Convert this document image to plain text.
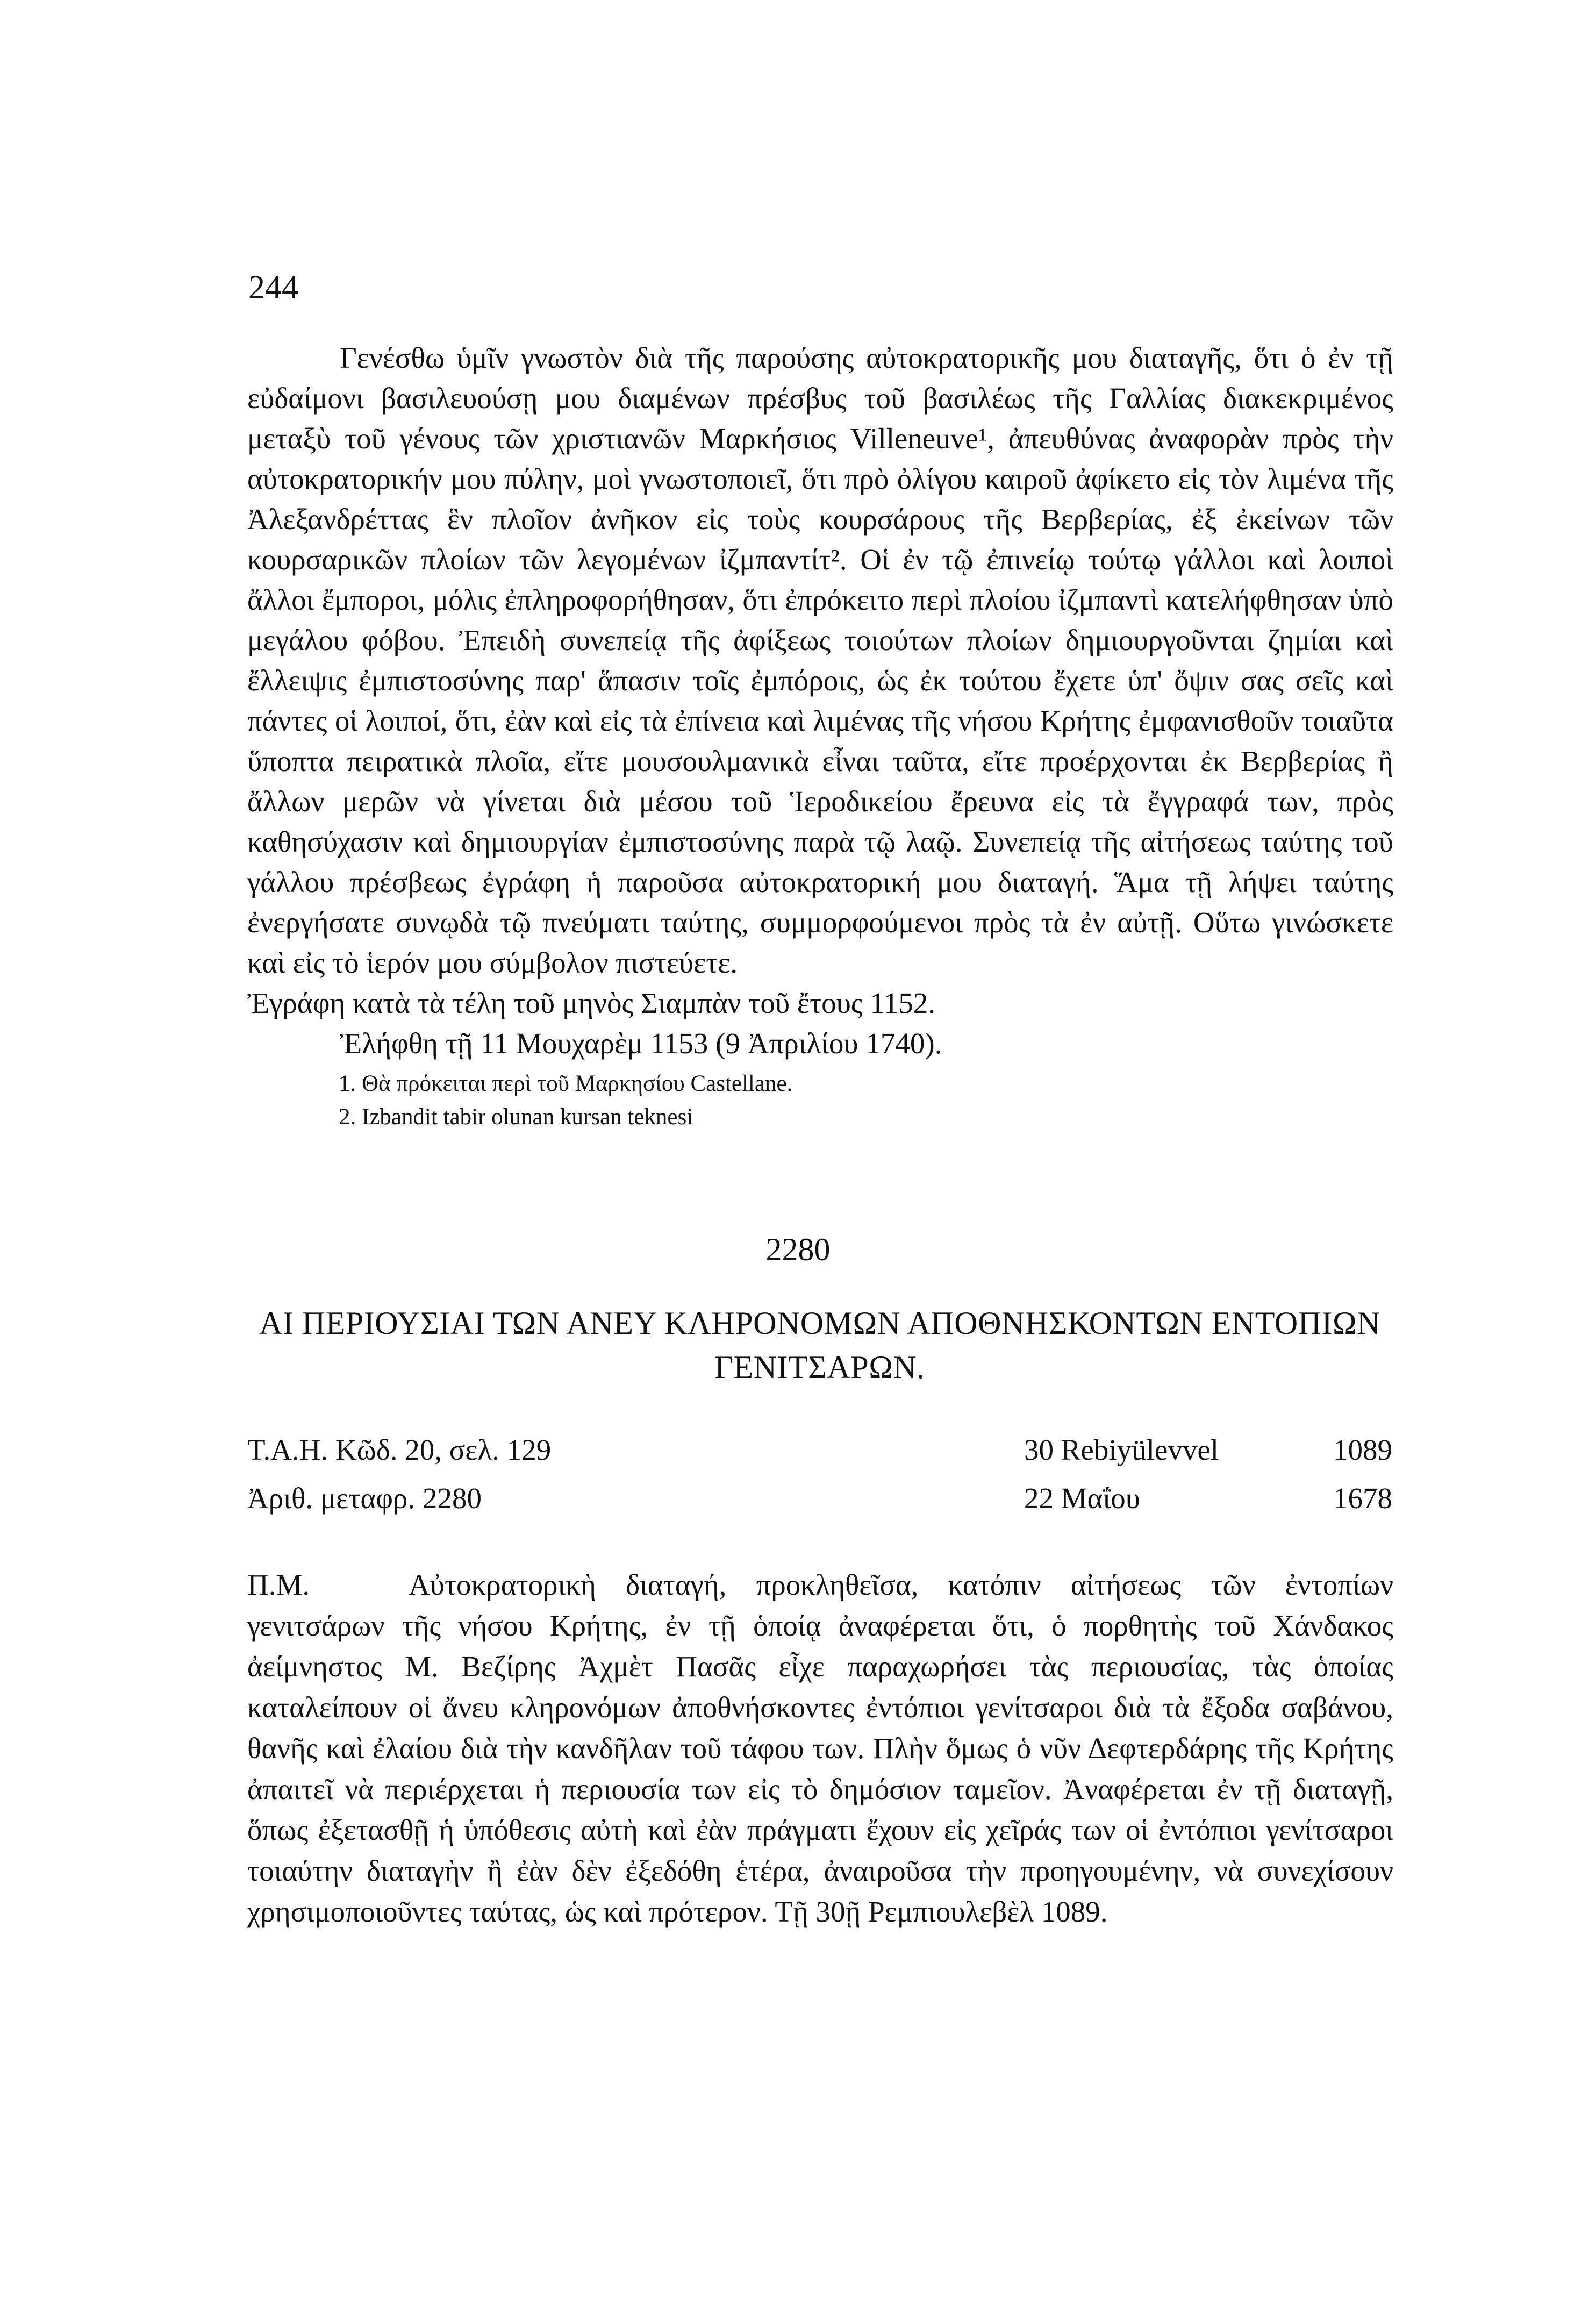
244

Γενέσθω ὑμῖν γνωστὸν διὰ τῆς παρούσης αὐτοκρατορικῆς μου διαταγῆς, ὅτι ὁ ἐν τῇ εὐδαίμονι βασιλευούσῃ μου διαμένων πρέσβυς τοῦ βασιλέως τῆς Γαλλίας διακεκριμένος μεταξὺ τοῦ γένους τῶν χριστιανῶν Μαρκήσιος Villeneuve¹, ἀπευθύνας ἀναφορὰν πρὸς τὴν αὐτοκρατορικήν μου πύλην, μοὶ γνωστοποιεῖ, ὅτι πρὸ ὀλίγου καιροῦ ἀφίκετο εἰς τὸν λιμένα τῆς Ἀλεξανδρέττας ἓν πλοῖον ἀνῆκον εἰς τοὺς κουρσάρους τῆς Βερβερίας, ἐξ ἐκείνων τῶν κουρσαρικῶν πλοίων τῶν λεγομένων ἰζμπαντίτ². Οἱ ἐν τῷ ἐπινείῳ τούτῳ γάλλοι καὶ λοιποὶ ἄλλοι ἔμποροι, μόλις ἐπληροφορήθησαν, ὅτι ἐπρόκειτο περὶ πλοίου ἰζμπαντὶ κατελήφθησαν ὑπὸ μεγάλου φόβου. Ἐπειδὴ συνεπείᾳ τῆς ἀφίξεως τοιούτων πλοίων δημιουργοῦνται ζημίαι καὶ ἔλλειψις ἐμπιστοσύνης παρ' ἅπασιν τοῖς ἐμπόροις, ὡς ἐκ τούτου ἔχετε ὑπ' ὄψιν σας σεῖς καὶ πάντες οἱ λοιποί, ὅτι, ἐὰν καὶ εἰς τὰ ἐπίνεια καὶ λιμένας τῆς νήσου Κρήτης ἐμφανισθοῦν τοιαῦτα ὕποπτα πειρατικὰ πλοῖα, εἴτε μουσουλμανικὰ εἶναι ταῦτα, εἴτε προέρχονται ἐκ Βερβερίας ἢ ἄλλων μερῶν νὰ γίνεται διὰ μέσου τοῦ Ἱεροδικείου ἔρευνα εἰς τὰ ἔγγραφά των, πρὸς καθησύχασιν καὶ δημιουργίαν ἐμπιστοσύνης παρὰ τῷ λαῷ. Συνεπείᾳ τῆς αἰτήσεως ταύτης τοῦ γάλλου πρέσβεως ἐγράφη ἡ παροῦσα αὐτοκρατορική μου διαταγή. Ἅμα τῇ λήψει ταύτης ἐνεργήσατε συνῳδὰ τῷ πνεύματι ταύτης, συμμορφούμενοι πρὸς τὰ ἐν αὐτῇ. Οὕτω γινώσκετε καὶ εἰς τὸ ἱερόν μου σύμβολον πιστεύετε.

Ἐγράφη κατὰ τὰ τέλη τοῦ μηνὸς Σιαμπὰν τοῦ ἔτους 1152.

Ἐλήφθη τῇ 11 Μουχαρὲμ 1153 (9 Ἀπριλίου 1740).

1. Θὰ πρόκειται περὶ τοῦ Μαρκησίου Castellane.
2. Izbandit tabir olunan kursan teknesi
2280
ΑΙ ΠΕΡΙΟΥΣΙΑΙ ΤΩΝ ΑΝΕΥ ΚΛΗΡΟΝΟΜΩΝ ΑΠΟΘΝΗΣΚΟΝΤΩΝ ΕΝΤΟΠΙΩΝ
ΓΕΝΙΤΣΑΡΩΝ.
Τ.Α.Η. Κῶδ. 20, σελ. 129	30 Rebiyülevvel	1089
Ἀριθ. μεταφρ. 2280	22 Μαΐου	1678

Π.Μ.	Αὐτοκρατορικὴ διαταγή, προκληθεῖσα, κατόπιν αἰτήσεως τῶν ἐντοπίων γενιτσάρων τῆς νήσου Κρήτης, ἐν τῇ ὁποίᾳ ἀναφέρεται ὅτι, ὁ πορθητὴς τοῦ Χάνδακος ἀείμνηστος Μ. Βεζίρης Ἀχμὲτ Πασᾶς εἶχε παραχωρήσει τὰς περιουσίας, τὰς ὁποίας καταλείπουν οἱ ἄνευ κληρονόμων ἀποθνήσκοντες ἐντόπιοι γενίτσαροι διὰ τὰ ἔξοδα σαβάνου, θανῆς καὶ ἐλαίου διὰ τὴν κανδῆλαν τοῦ τάφου των. Πλὴν ὅμως ὁ νῦν Δεφτερδάρης τῆς Κρήτης ἀπαιτεῖ νὰ περιέρχεται ἡ περιουσία των εἰς τὸ δημόσιον ταμεῖον. Ἀναφέρεται ἐν τῇ διαταγῇ, ὅπως ἐξετασθῇ ἡ ὑπόθεσις αὐτὴ καὶ ἐὰν πράγματι ἔχουν εἰς χεῖράς των οἱ ἐντόπιοι γενίτσαροι τοιαύτην διαταγὴν ἢ ἐὰν δὲν ἐξεδόθη ἑτέρα, ἀναιροῦσα τὴν προηγουμένην, νὰ συνεχίσουν χρησιμοποιοῦντες ταύτας, ὡς καὶ πρότερον. Τῇ 30ῇ Ρεμπιουλεβὲλ 1089.
